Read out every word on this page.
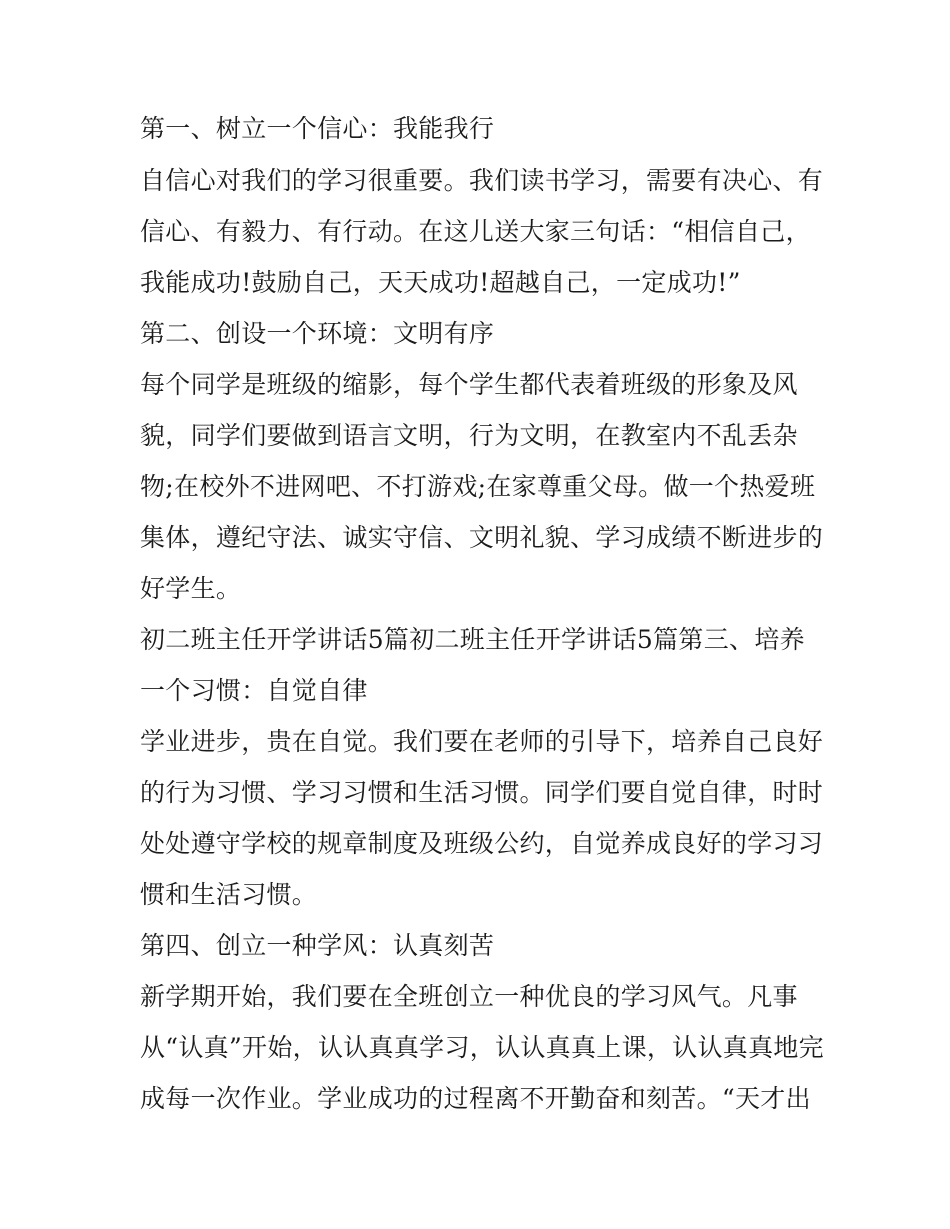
第一、树立一个信心：我能我行
自信心对我们的学习很重要。我们读书学习，需要有决心、有
信心、有毅力、有行动。在这儿送大家三句话：“相信自己，
我能成功!鼓励自己，天天成功!超越自己，一定成功!”
第二、创设一个环境：文明有序
每个同学是班级的缩影，每个学生都代表着班级的形象及风
貌，同学们要做到语言文明，行为文明，在教室内不乱丢杂
物;在校外不进网吧、不打游戏;在家尊重父母。做一个热爱班
集体，遵纪守法、诚实守信、文明礼貌、学习成绩不断进步的
好学生。
初二班主任开学讲话5篇初二班主任开学讲话5篇第三、培养
一个习惯：自觉自律
学业进步，贵在自觉。我们要在老师的引导下，培养自己良好
的行为习惯、学习习惯和生活习惯。同学们要自觉自律，时时
处处遵守学校的规章制度及班级公约，自觉养成良好的学习习
惯和生活习惯。
第四、创立一种学风：认真刻苦
新学期开始，我们要在全班创立一种优良的学习风气。凡事
从“认真”开始，认认真真学习，认认真真上课，认认真真地完
成每一次作业。学业成功的过程离不开勤奋和刻苦。“天才出
